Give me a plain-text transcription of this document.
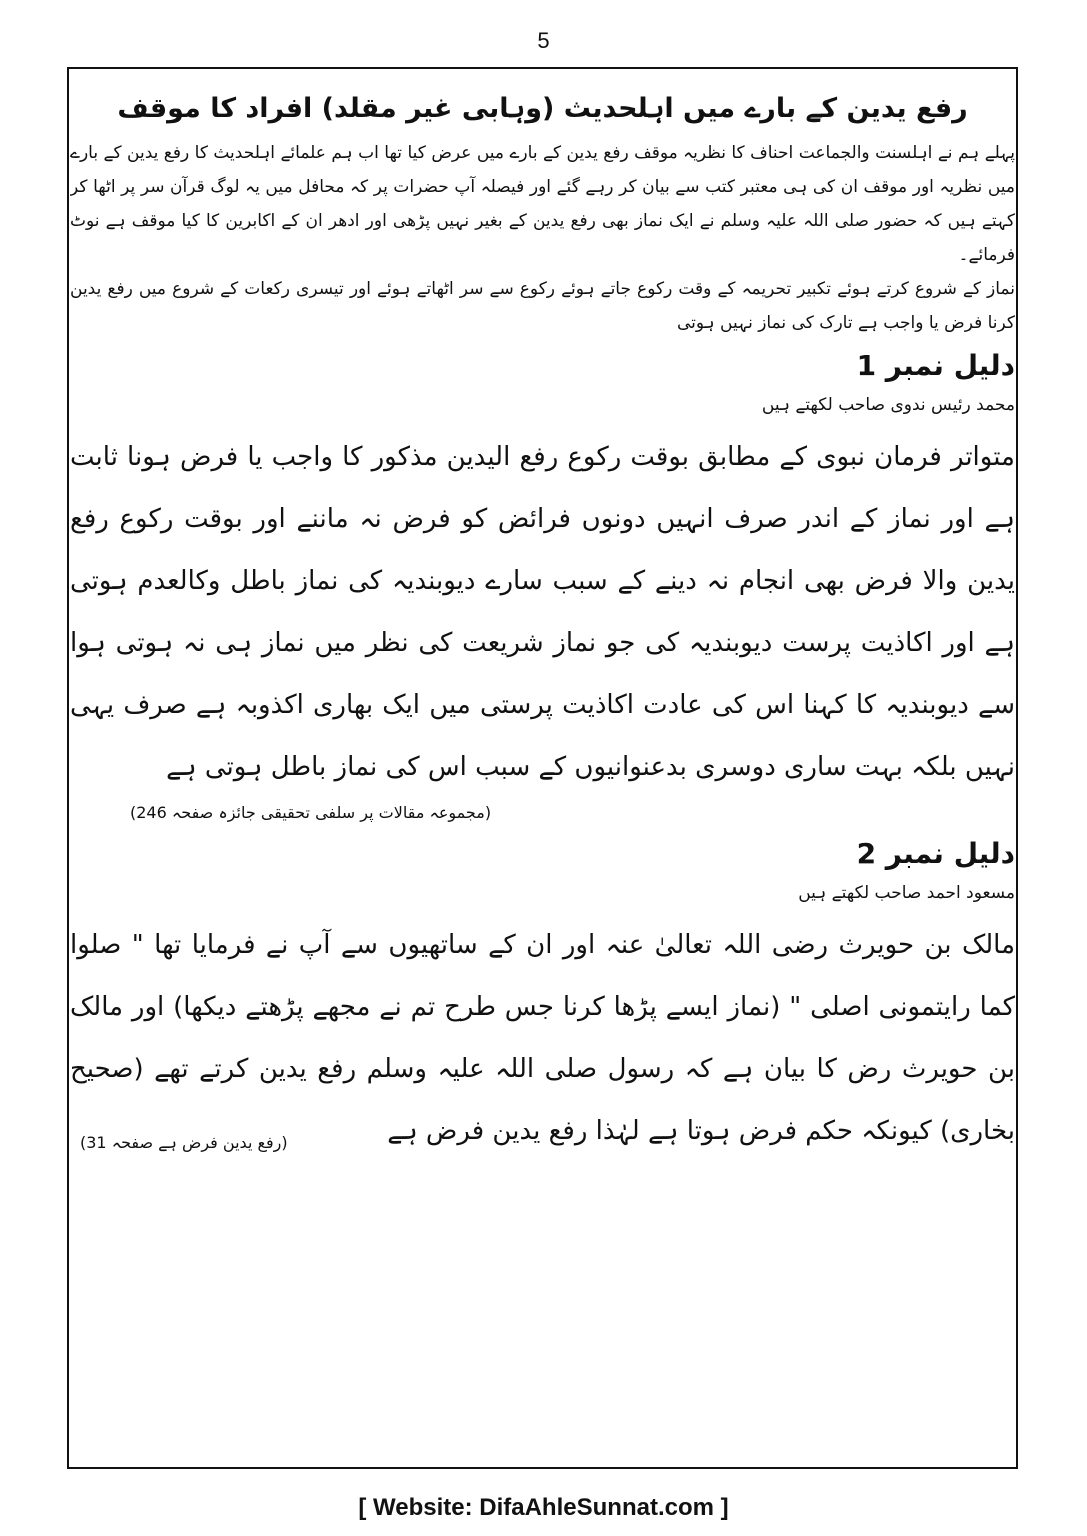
5
رفع یدین کے بارے میں اہلحدیث (وہابی غیر مقلد) افراد کا موقف

پہلے ہم نے اہلسنت والجماعت احناف کا نظریہ موقف رفع یدین کے بارے میں عرض کیا تھا اب ہم علمائے اہلحدیث کا رفع یدین کے بارے میں نظریہ اور موقف ان کی ہی معتبر کتب سے بیان کر رہے گئے اور فیصلہ آپ حضرات پر کہ محافل میں یہ لوگ قرآن سر پر اٹھا کر کہتے ہیں کہ حضور صلی اللہ علیہ وسلم نے ایک نماز بھی رفع یدین کے بغیر نہیں پڑھی اور ادھر ان کے اکابرین کا کیا موقف ہے نوٹ فرمائے۔

نماز کے شروع کرتے ہوئے تکبیر تحریمہ کے وقت رکوع جاتے ہوئے رکوع سے سر اٹھاتے ہوئے اور تیسری رکعات کے شروع میں رفع یدین کرنا فرض یا واجب ہے تارک کی نماز نہیں ہوتی

دلیل نمبر 1

محمد رئیس ندوی صاحب لکھتے ہیں

متواتر فرمان نبوی کے مطابق بوقت رکوع رفع الیدین مذکور کا واجب یا فرض ہونا ثابت ہے اور نماز کے اندر صرف انہیں دونوں فرائض کو فرض نہ ماننے اور بوقت رکوع رفع یدین والا فرض بھی انجام نہ دینے کے سبب سارے دیوبندیہ کی نماز باطل وکالعدم ہوتی ہے اور اکاذیت پرست دیوبندیہ کی جو نماز شریعت کی نظر میں نماز ہی نہ ہوتی ہوا سے دیوبندیہ کا کہنا اس کی عادت اکاذیت پرستی میں ایک بھاری اکذوبہ ہے صرف یہی نہیں بلکہ بہت ساری دوسری بدعنوانیوں کے سبب اس کی نماز باطل ہوتی ہے

(مجموعہ مقالات پر سلفی تحقیقی جائزہ صفحہ 246)

دلیل نمبر 2

مسعود احمد صاحب لکھتے ہیں

مالک بن حویرث رضی اللہ تعالیٰ عنہ اور ان کے ساتھیوں سے آپ نے فرمایا تھا " صلوا کما رایتمونی اصلی " (نماز ایسے پڑھا کرنا جس طرح تم نے مجھے پڑھتے دیکھا) اور مالک بن حویرث رض کا بیان ہے کہ رسول صلی اللہ علیہ وسلم رفع یدین کرتے تھے (صحیح بخاری) کیونکہ حکم فرض ہوتا ہے لہٰذا رفع یدین فرض ہے

(رفع یدین فرض ہے صفحہ 31)
[ Website: DifaAhleSunnat.com ]
